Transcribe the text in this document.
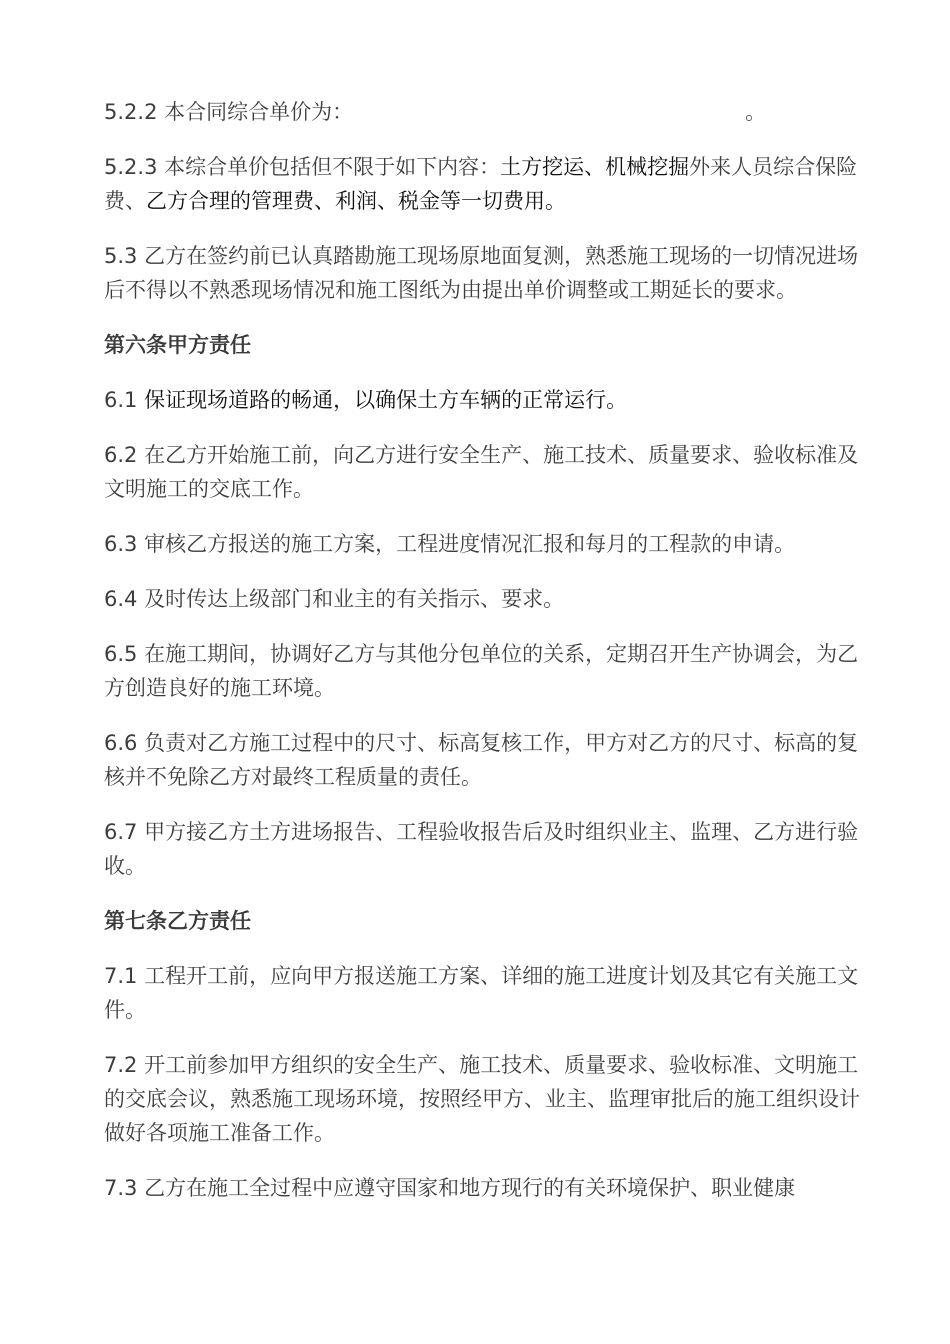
5.2.2 本合同综合单价为：	。

5.2.3 本综合单价包括但不限于如下内容：土方挖运、机械挖掘外来人员综合保险费、乙方合理的管理费、利润、税金等一切费用。

5.3 乙方在签约前已认真踏勘施工现场原地面复测，熟悉施工现场的一切情况进场后不得以不熟悉现场情况和施工图纸为由提出单价调整或工期延长的要求。

第六条甲方责任

6.1 保证现场道路的畅通，以确保土方车辆的正常运行。

6.2 在乙方开始施工前，向乙方进行安全生产、施工技术、质量要求、验收标准及文明施工的交底工作。

6.3 审核乙方报送的施工方案，工程进度情况汇报和每月的工程款的申请。

6.4 及时传达上级部门和业主的有关指示、要求。

6.5 在施工期间，协调好乙方与其他分包单位的关系，定期召开生产协调会，为乙方创造良好的施工环境。

6.6 负责对乙方施工过程中的尺寸、标高复核工作，甲方对乙方的尺寸、标高的复核并不免除乙方对最终工程质量的责任。

6.7 甲方接乙方土方进场报告、工程验收报告后及时组织业主、监理、乙方进行验收。

第七条乙方责任

7.1 工程开工前，应向甲方报送施工方案、详细的施工进度计划及其它有关施工文件。

7.2 开工前参加甲方组织的安全生产、施工技术、质量要求、验收标准、文明施工的交底会议，熟悉施工现场环境，按照经甲方、业主、监理审批后的施工组织设计做好各项施工准备工作。

7.3 乙方在施工全过程中应遵守国家和地方现行的有关环境保护、职业健康
